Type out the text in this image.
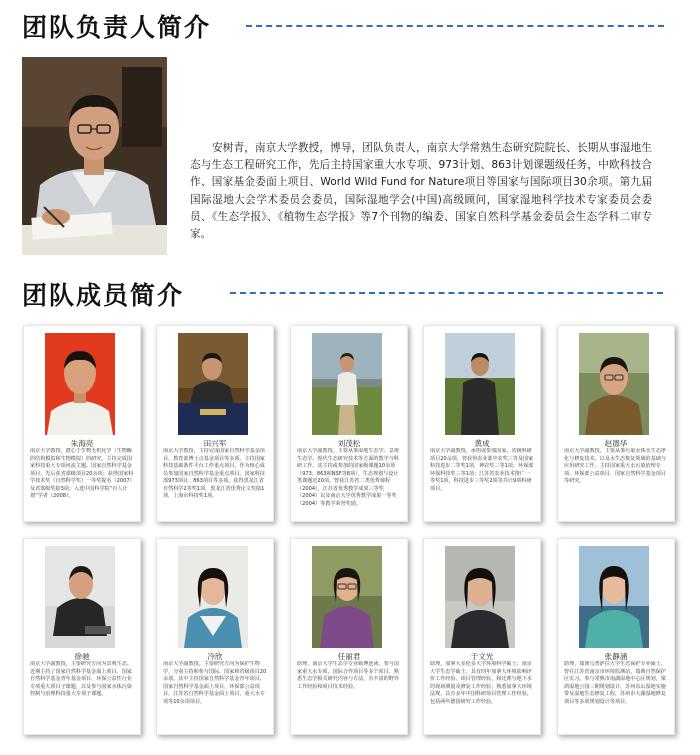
团队负责人简介
安树青，南京大学教授，博导，团队负责人，南京大学常熟生态研究院院长、长期从事湿地生态与生态工程研究工作，先后主持国家重大水专项、973计划、863计划课题级任务，中欧科技合作、国家基金委面上项目、World Wild Fund for Nature项目等国家与国际项目30余项。第九届国际湿地大会学术委员会委员，国际湿地学会(中国)高级顾问，国家湿地科学技术专家委员会委员、《生态学报》、《植物生态学报》等7个刊物的编委、国家自然科学基金委员会生态学科二审专家。
团队成员简介
朱海亮
南京大学教授，潜心于生物无机化学（生物酶的结构模拟和生物模拟）的研究。主持完成国家科技重大专项河流主题、国家自然科学基金项目。先后获省部级项目20余项；获得国家科学技术奖（自然科学奖）一等奖提名（2007）及省部级奖励3项；入选中国科学院“百人计划”学者（2008）。
田兴军
南京大学教授，主持完成国家自然科学基金项目、教育部博士点基金项目等多项。主持国家科技基础条件平台工作重点项目。作为核心成员参加国家自然科学基金重点项目。国家科技部973项目、863项目等多项。获得黑龙江省自然科学2等奖1项、黑龙江省优秀论文奖励1项，上海市科技奖1项。
刘茂松
南京大学副教授。主要从事湿地生态学、景观生态学、现代生态研究技术等方面的教学与科研工作。其主持或参加的国家级课题10余项（973、863和NSF等8项），生态规划与设计类课题近20项。曾获江苏省二类优秀课程（2004），江苏省优秀教学成果三等奖（2004）以及南京大学优秀教学成果一等奖（2004）等教学荣誉奖励。
黄成
南京大学副教授。承担或参加国家、省级科研项目20余项。曾获得农业部中农奖三等及国家科技进步二等奖1项，神农奖三等1项；环保部环保科技奖三等1项；江苏省农业技术推广一等奖1项，科技进步三等奖2项等共计9项科研项目。
赵德华
南京大学副教授。主要从事污染水体水生态净化与修复技术、以及水生态恢复领域的基础与应用研究工作。主持国家重大水污染治理专项、环保部公益项目、国家自然科学基金项目等研究。
徐驰
南京大学副教授。主要研究方向为景观生态。近期主持了国家自然科学基金面上项目、国家自然科学基金青年基金项目、环保公益性行业专项重大项目子课题，以及参与国家水体污染控制与治理科技重大专项子课题。
冷欣
南京大学副教授。主要研究方向为保护生物学，分别主持和参与国际、国家和省级项目20余项。其中主持国家自然科学基金青年项目、国家自然科学基金面上项目，环保部公益项目，江苏省自然科学基金面上项目，重大水专项等10余项项目。
任丽君
助理，南京大学生态学专业硕博连读。参与国家重大水专项、国际合作项目等多个项目，熟悉生态学相关研究内容与方法，有丰富的野外工作经验和项目技术经验。
于文光
助理，加拿大多伦多大学环境科学硕士；南京大学生态学硕士。具有四年加拿大环境影响评价工作经验、项目管理经验。和比赛与地下水的现场测量及修复工作经验；熟悉加拿大环境法规。具有多年中国科研项目管理工作经验，包括两年德国研究工作经验。
张静涵
助理，瑞典乌普萨拉大学生态保护专业硕士，曾在江苏省南京市环境监测站、瑞典自然保护区实习。参与常熟市南湖湿地中心区规划，梁鸿湿地公园三期规划设计、苏州东山湿地实施带及湿地生态修复工程，苏州市大湖湿地修复项目等多项规划设计等项目。
